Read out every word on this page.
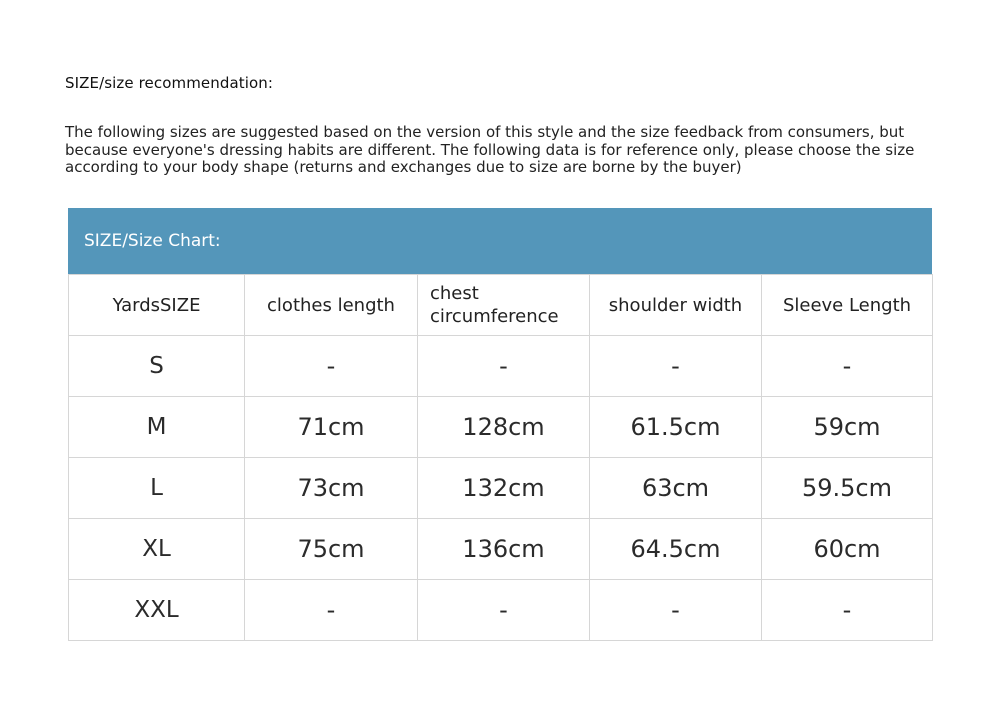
SIZE/size recommendation:
The following sizes are suggested based on the version of this style and the size feedback from consumers, but because everyone's dressing habits are different. The following data is for reference only, please choose the size according to your body shape (returns and exchanges due to size are borne by the buyer)
SIZE/Size Chart:
YardsSIZE	clothes length	chest circumference	shoulder width	Sleeve Length
S	-	-	-	-
M	71cm	128cm	61.5cm	59cm
L	73cm	132cm	63cm	59.5cm
XL	75cm	136cm	64.5cm	60cm
XXL	-	-	-	-
